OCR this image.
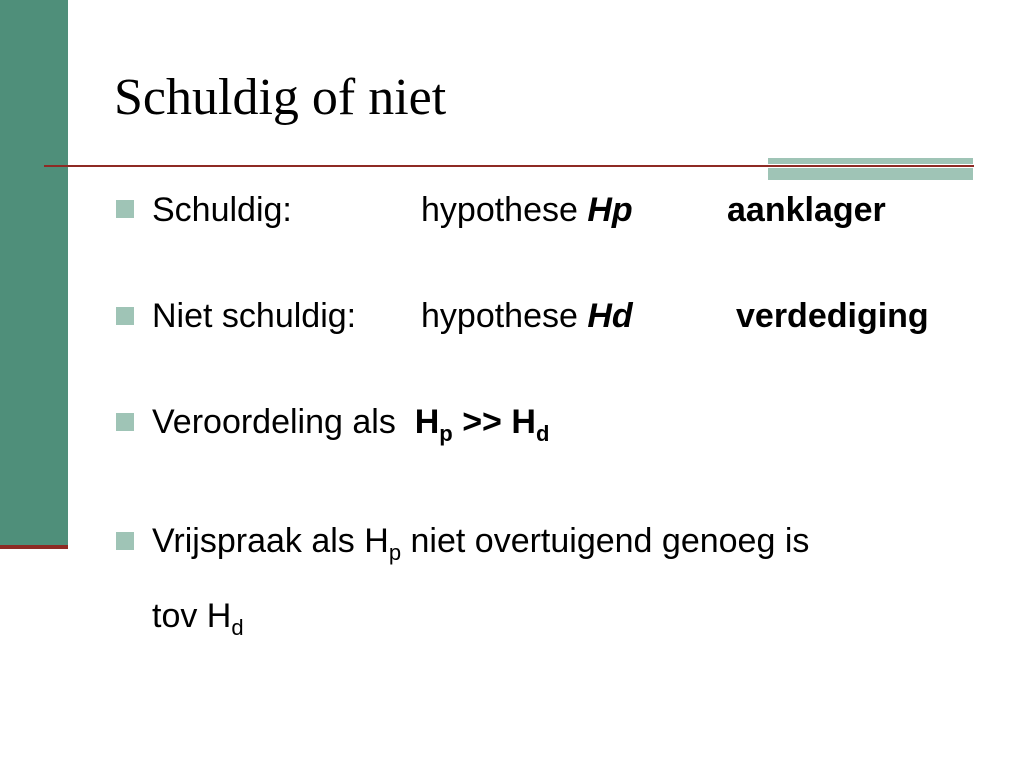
Schuldig of niet
Schuldig:	hypothese Hp	aanklager
Niet schuldig: hypothese Hd	verdediging
Veroordeling als $H_p >> H_d$
Vrijspraak als $H_p$ niet overtuigend genoeg is
tov $H_d$
